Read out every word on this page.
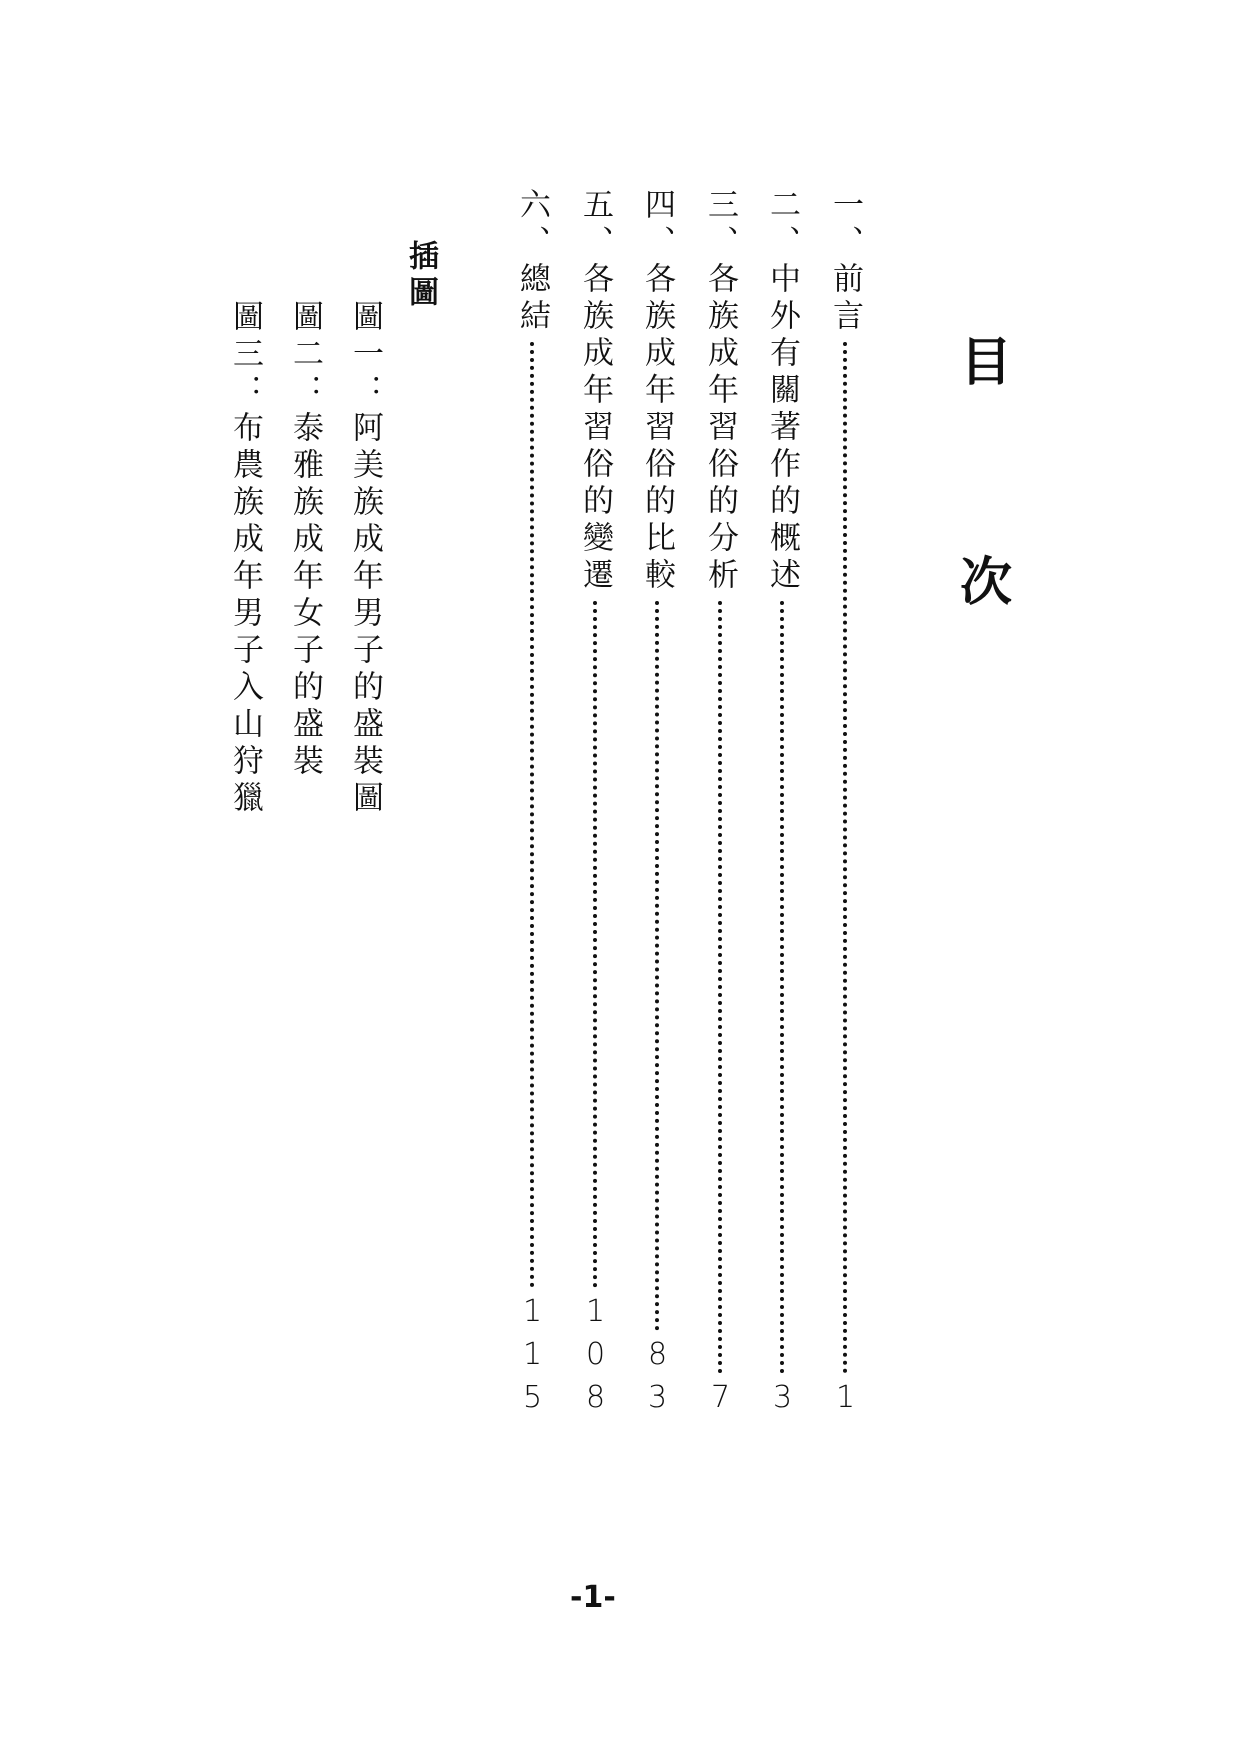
目
次
一、前言
1
二、中外有關著作的概述
3
三、各族成年習俗的分析
7
四、各族成年習俗的比較
83
五、各族成年習俗的變遷
108
六、總結
115
插圖
圖一：阿美族成年男子的盛裝圖
圖二：泰雅族成年女子的盛裝
圖三：布農族成年男子入山狩獵
-1-
